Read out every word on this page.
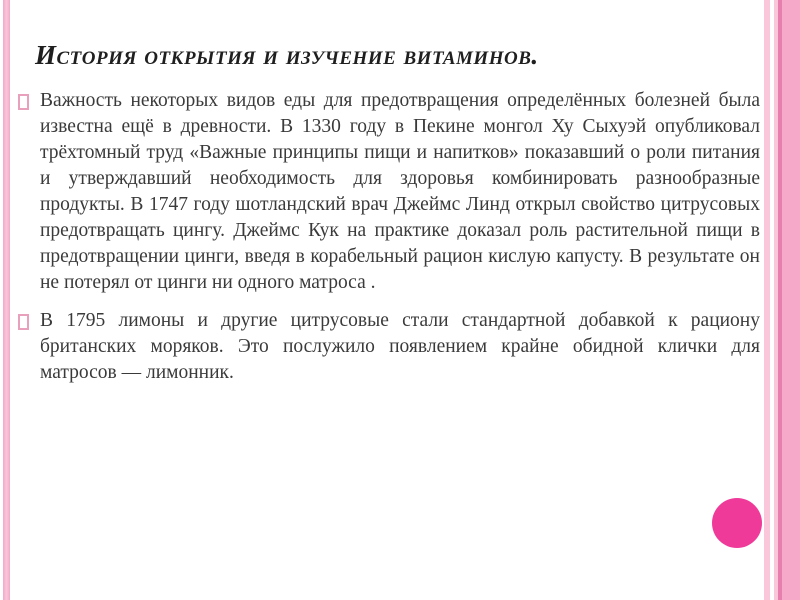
История открытия и изучение витаминов.

Важность некоторых видов еды для предотвращения определённых болезней была известна ещё в древности. В 1330 году в Пекине монгол Ху Сыхуэй опубликовал трёхтомный труд «Важные принципы пищи и напитков» показавший о роли питания и утверждавший необходимость для здоровья комбинировать разнообразные продукты. В 1747 году шотландский врач Джеймс Линд открыл свойство цитрусовых предотвращать цингу. Джеймс Кук на практике доказал роль растительной пищи в предотвращении цинги, введя в корабельный рацион кислую капусту. В результате он не потерял от цинги ни одного матроса .

В 1795 лимоны и другие цитрусовые стали стандартной добавкой к рациону британских моряков. Это послужило появлением крайне обидной клички для матросов — лимонник.
